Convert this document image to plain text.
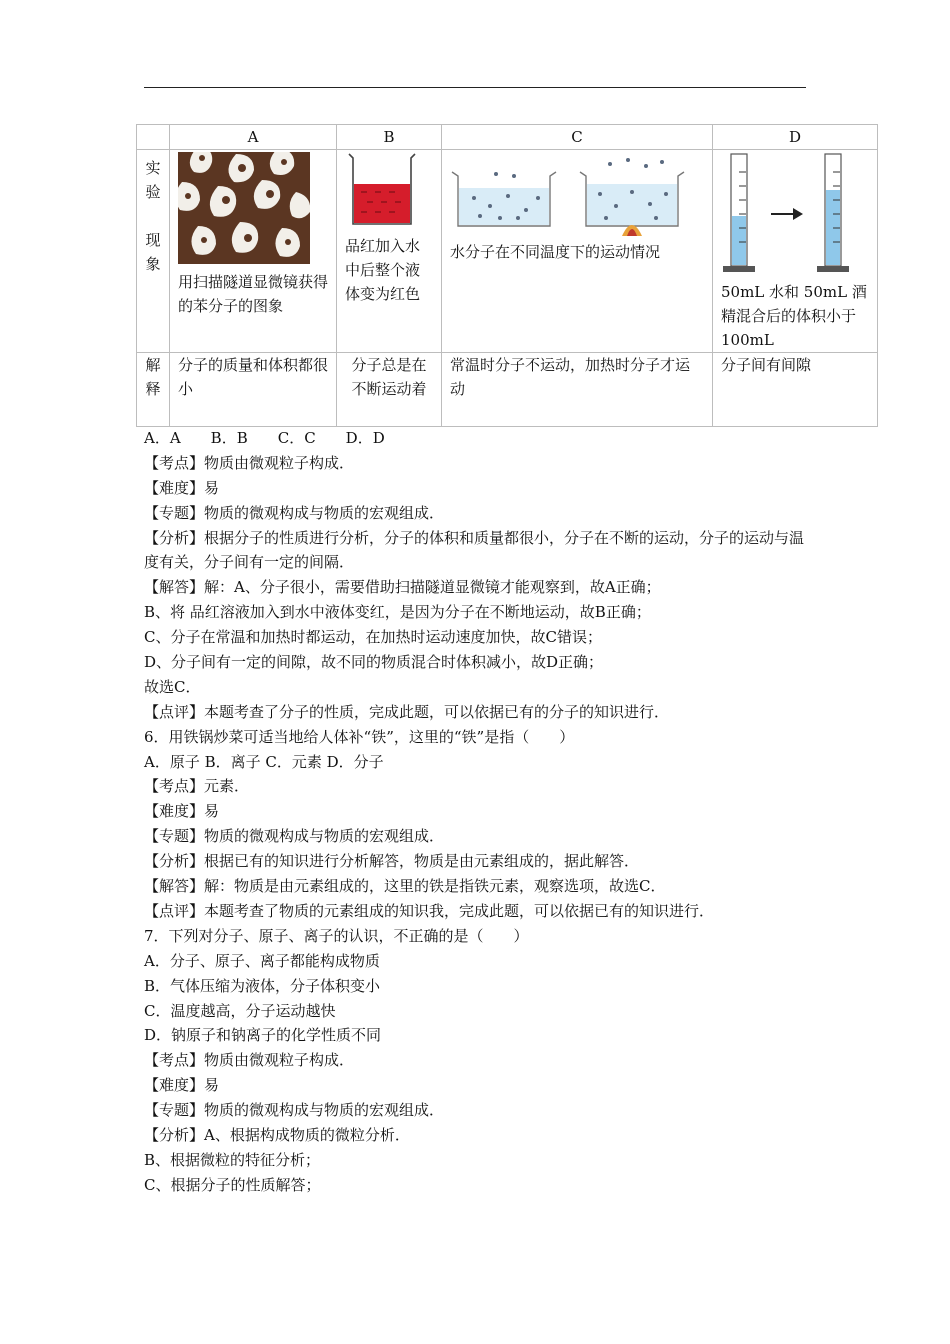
	A	B	C	D

实
验
现
象	用扫描隧道显微镜获得的苯分子的图象	品红加入水中后整个液体变为红色	水分子在不同温度下的运动情况	50mL 水和 50mL 酒精混合后的体积小于 100mL

解
释	分子的质量和体积都很小	分子总是在不断运动着	常温时分子不运动，加热时分子才运动	分子间有间隙
A．A　　B．B　　C．C　　D．D
【考点】物质由微观粒子构成．
【难度】易
【专题】物质的微观构成与物质的宏观组成．
【分析】根据分子的性质进行分析，分子的体积和质量都很小，分子在不断的运动，分子的运动与温度有关，分子间有一定的间隔．
【解答】解：A、分子很小，需要借助扫描隧道显微镜才能观察到，故A正确；
B、将 品红溶液加入到水中液体变红，是因为分子在不断地运动，故B正确；
C、分子在常温和加热时都运动，在加热时运动速度加快，故C错误；
D、分子间有一定的间隙，故不同的物质混合时体积减小，故D正确；
故选C．
【点评】本题考查了分子的性质，完成此题，可以依据已有的分子的知识进行．
6．用铁锅炒菜可适当地给人体补“铁”，这里的“铁”是指（　　）
A．原子 B．离子 C．元素 D．分子
【考点】元素．
【难度】易
【专题】物质的微观构成与物质的宏观组成．
【分析】根据已有的知识进行分析解答，物质是由元素组成的，据此解答．
【解答】解：物质是由元素组成的，这里的铁是指铁元素，观察选项，故选C．
【点评】本题考查了物质的元素组成的知识我，完成此题，可以依据已有的知识进行．
7．下列对分子、原子、离子的认识，不正确的是（　　）
A．分子、原子、离子都能构成物质
B．气体压缩为液体，分子体积变小
C．温度越高，分子运动越快
D．钠原子和钠离子的化学性质不同
【考点】物质由微观粒子构成．
【难度】易
【专题】物质的微观构成与物质的宏观组成．
【分析】A、根据构成物质的微粒分析．
B、根据微粒的特征分析；
C、根据分子的性质解答；
